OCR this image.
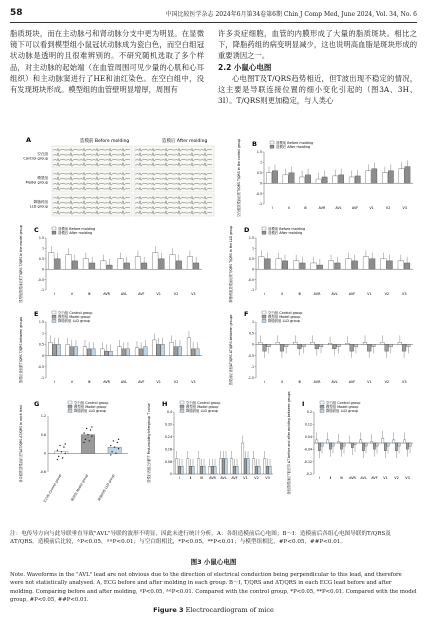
58	中国比较医学杂志 2024年6月第34卷第6期 Chin J Comp Med, June 2024, Vol. 34, No. 6

脂质斑块，而在主动脉弓和肾动脉分支中更为明显。在显微镜下可以看到模型组小鼠冠状动脉成为瓷白色，而空白组冠状动脉是透明的且很难辨别的。不研究随机选取了多个样品，对主动脉的起始端（在血管周围可见少量的心肌和心耳组织）和主动脉窦进行了HE和油红染色。在空白组中，没有发现斑块形成。模型组的血管壁明显增厚，周围有

许多炎症细胞，血管的内膜形成了大量的脂质斑块。相比之下，降脂药组的病变明显减少，这也说明高血脂是斑块形成的重要诱因之一。

2.2 小鼠心电图

心电图T及T/QRS趋势相近，但T波出现不稳定的情况，这主要是导联连接位置的细小变化引起的（图3A、3H、3I）。T/QRS则更加稳定，与人类心

A	造模前 Before molding	造模后 After molding
空白组 Control group
模型组 Model group
降脂药组 LLD group
B	造模前 Before molding
造模后 After molding
空白组造模前后的T/QRS T/QRS in the control group	-1
-0.5
0
0.5
1
1.5
Ⅰ	Ⅱ	Ⅲ	AVR	AVL	AVF	V1	V2	V3
C	造模前 Before molding
造模后 After molding
模型组造模前后的T/QRS T/QRS in the model group	-1
-0.5
0
0.5
1
1.5
Ⅰ	Ⅱ	Ⅲ	AVR	AVL	AVF	V1	V2	V3
D	造模前 Before molding
造模后 After molding
降脂药组造模前后的T/QRS T/QRS in the LLD group	-1
-0.5
0
0.5
1
1.5
Ⅰ	Ⅱ	Ⅲ	AVR	AVL	AVF	V1	V2	V3
E	空白组 Control group
模型组 Model group
降脂药组 LLD group
造模后各组的T/QRS T/QRS between groups	-1
-0.5
0
0.5
1
1.5
Ⅰ	Ⅱ	Ⅲ	AVR	AVL	AVF	V1	V2	V3
F	空白组 Control group
模型组 Model group
降脂药组 LLD group
造模前后各组ΔT/QRS ΔT/QRS between groups	-1.5
-1
-0.5
0
0.5
1
Ⅰ	Ⅱ	Ⅲ	AVR	AVL	AVF	V1	V2	V3
G	空白组 Control group
模型组 Model group
降脂药组 LLD group
各导联的造模前后差异ΔT/QRS ΔT/QRS in each lead	-0.6
0
0.6
1.2
空白组 Control group 模型组 Model group	降脂药组 LLD group
H	空白组 Control group
模型组 Model group
降脂药组 LLD group
造模后各组之间的T Post-molding intergroup T value	0
0.08
0.16
0.24
0.32
0.4
Ⅰ	Ⅱ	Ⅲ AVR AVL AVF V1 V2 V3
I	空白组 Control group
模型组 Model group
降脂药组 LLD group
各组造模前后T值差异 ΔT before and after molding between groups	-0.2
-0.12
-0.04
0.04
0.12
0.2
Ⅰ	Ⅱ	Ⅲ AVR AVL AVF V1 V2 V3

注：电传导方向与此导联垂直导致"AVL"导联的波形不明显，因此未进行统计分析。A：各组造模前后心电图；B～I：造模前后各组心电图导联的T/QRS及ΔT/QRS。造模前后比较，ᐞP<0.05，ᐞᐞP<0.01；与空白组相比，*P<0.05，**P<0.01；与模型组相比，#P<0.05，##P<0.01。

图3 小鼠心电图

Note. Waveforms in the "AVL" lead are not obvious due to the direction of electrical conduction being perpendicular to this lead, and therefore were not statistically analysed. A, ECG before and after molding in each group. B～I, T/QRS and ΔT/QRS in each ECG lead before and after molding. Comparing before and after molding, ᐞP<0.05, ᐞᐞP<0.01. Compared with the control group, *P<0.05, **P<0.01. Compared with the model group, #P<0.05, ##P<0.01.

Figure 3 Electrocardiogram of mice
